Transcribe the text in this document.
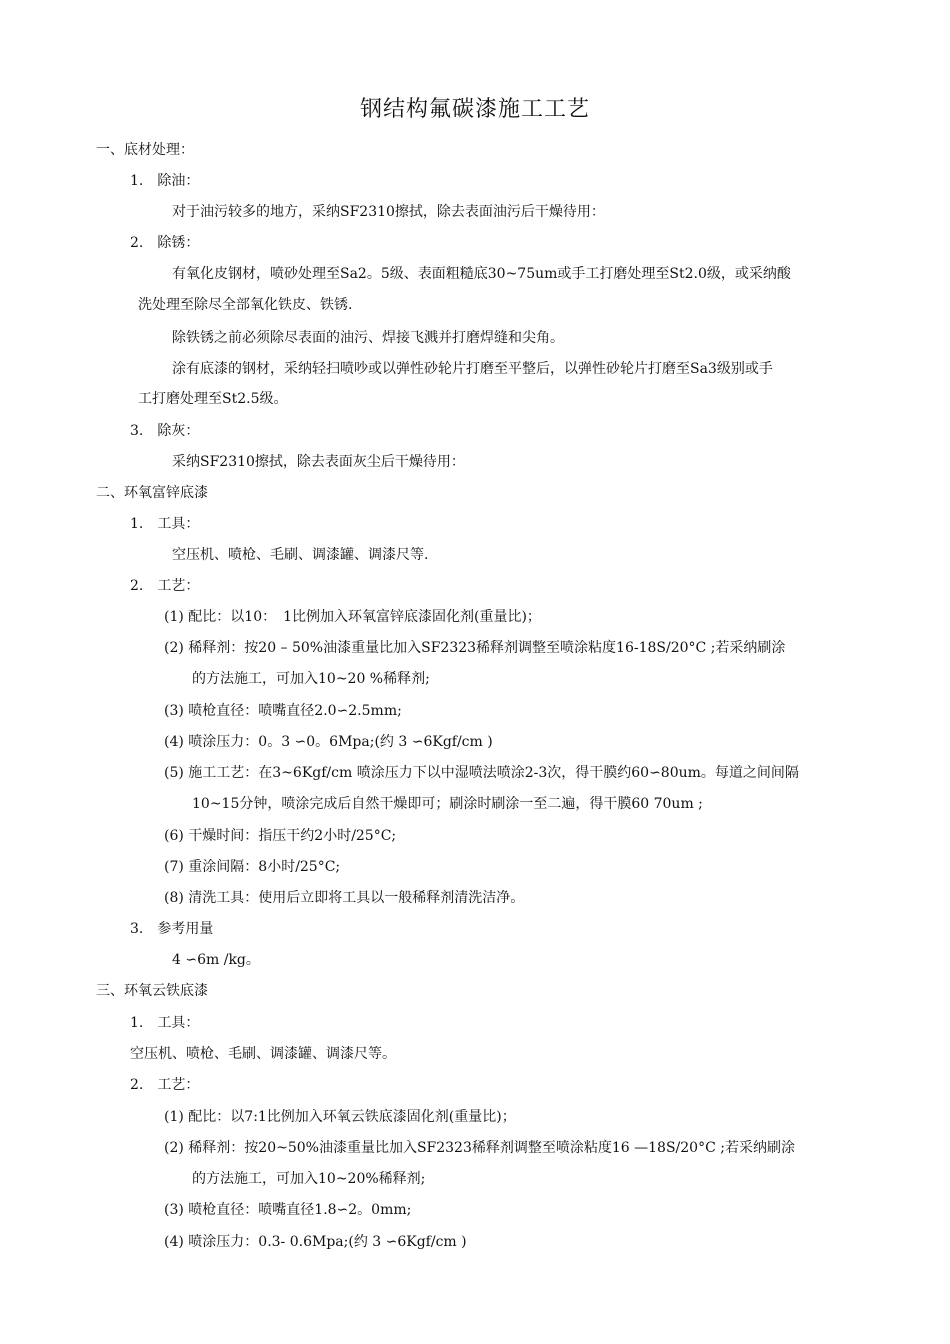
钢结构氟碳漆施工工艺
一、底材处理：
1.　除油：
对于油污较多的地方，采纳SF2310擦拭，除去表面油污后干燥待用：
2.　除锈：
有氧化皮钢材，喷砂处理至Sa2。5级、表面粗糙底30~75um或手工打磨处理至St2.0级，或采纳酸
洗处理至除尽全部氧化铁皮、铁锈.
除铁锈之前必须除尽表面的油污、焊接飞溅并打磨焊缝和尖角。
涂有底漆的钢材，采纳轻扫喷吵或以弹性砂轮片打磨至平整后，以弹性砂轮片打磨至Sa3级别或手
工打磨处理至St2.5级。
3.　除灰：
采纳SF2310擦拭，除去表面灰尘后干燥待用：
二、环氧富锌底漆
1.　工具：
空压机、喷枪、毛刷、调漆罐、调漆尺等.
2.　工艺：
(1) 配比：以10：　1比例加入环氧富锌底漆固化剂(重量比)；
(2) 稀释剂：按20 – 50%油漆重量比加入SF2323稀释剂调整至喷涂粘度16-18S/20°C ;若采纳刷涂
的方法施工，可加入10~20 %稀释剂;
(3) 喷枪直径：喷嘴直径2.0∽2.5mm;
(4) 喷涂压力：0。3 ∽0。6Mpa;(约 3 ∽6Kgf/cm )
(5) 施工工艺：在3~6Kgf/cm 喷涂压力下以中湿喷法喷涂2-3次，得干膜约60∽80um。每道之间间隔
10~15分钟，喷涂完成后自然干燥即可；刷涂时刷涂一至二遍，得干膜60 70um ;
(6) 干燥时间：指压干约2小时/25°C;
(7) 重涂间隔：8小时/25°C;
(8) 清洗工具：使用后立即将工具以一般稀释剂清洗洁净。
3.　参考用量
4 ∽6m /kg。
三、环氧云铁底漆
1.　工具：
空压机、喷枪、毛刷、调漆罐、调漆尺等。
2.　工艺：
(1) 配比：以7:1比例加入环氧云铁底漆固化剂(重量比)；
(2) 稀释剂：按20~50%油漆重量比加入SF2323稀释剂调整至喷涂粘度16 —18S/20°C ;若采纳刷涂
的方法施工，可加入10~20%稀释剂;
(3) 喷枪直径：喷嘴直径1.8∽2。0mm;
(4) 喷涂压力：0.3- 0.6Mpa;(约 3 ∽6Kgf/cm )
